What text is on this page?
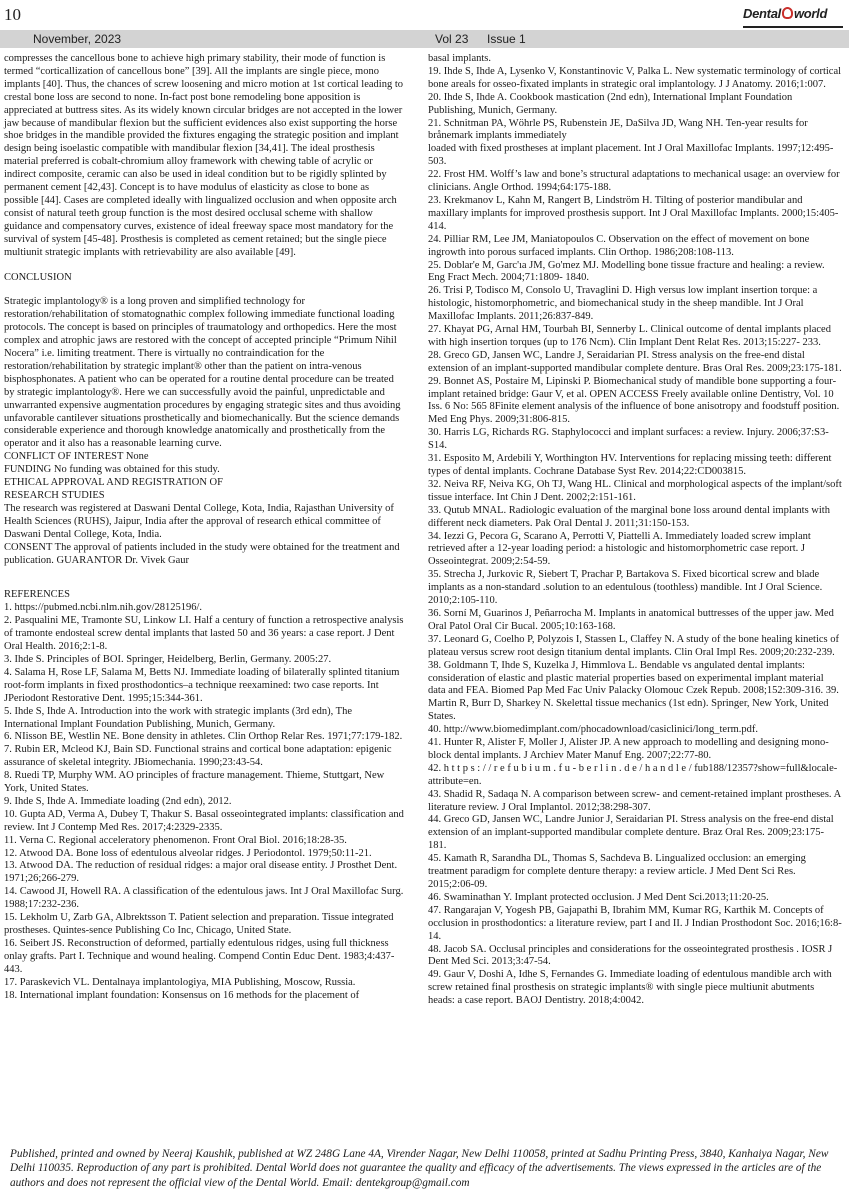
10	Dental world
November, 2023	Vol 23 Issue 1

compresses the cancellous bone to achieve high primary stability, their mode of function is termed “corticallization of cancellous bone” [39]. All the implants are single piece, mono implants [40]. Thus, the chances of screw loosening and micro motion at 1st cortical leading to crestal bone loss are second to none. In-fact post bone remodeling bone apposition is appreciated at buttress sites. As its widely known circular bridges are not accepted in the lower jaw because of mandibular flexion but the sufficient evidences also exist supporting the horse shoe bridges in the mandible provided the fixtures engaging the strategic position and implant design being isoelastic compatible with mandibular flexion [34,41]. The ideal prosthesis material preferred is cobalt-chromium alloy framework with chewing table of acrylic or indirect composite, ceramic can also be used in ideal condition but to be rigidly splinted by permanent cement [42,43]. Concept is to have modulus of elasticity as close to bone as possible [44]. Cases are completed ideally with lingualized occlusion and when opposite arch consist of natural teeth group function is the most desired occlusal scheme with shallow guidance and compensatory curves, existence of ideal freeway space most mandatory for the survival of system [45-48]. Prosthesis is completed as cement retained; but the single piece multiunit strategic implants with retrievability are also available [49].

CONCLUSION

Strategic implantology® is a long proven and simplified technology for restoration/rehabilitation of stomatognathic complex following immediate functional loading protocols. The concept is based on principles of traumatology and orthopedics. Here the most complex and atrophic jaws are restored with the concept of accepted principle “Primum Nihil Nocera” i.e. limiting treatment. There is virtually no contraindication for the restoration/rehabilitation by strategic implant® other than the patient on intra-venous bisphosphonates. A patient who can be operated for a routine dental procedure can be treated by strategic implantology®. Here we can successfully avoid the painful, unpredictable and unwarranted expensive augmentation procedures by engaging strategic sites and thus avoiding unfavorable cantilever situations prosthetically and biomechanically. But the science demands considerable experience and thorough knowledge anatomically and prosthetically from the operator and it also has a reasonable learning curve.

CONFLICT OF INTEREST None

FUNDING No funding was obtained for this study.

ETHICAL APPROVAL AND REGISTRATION OF

RESEARCH STUDIES

The research was registered at Daswani Dental College, Kota, India, Rajasthan University of Health Sciences (RUHS), Jaipur, India after the approval of research ethical committee of Daswani Dental College, Kota, India.

CONSENT The approval of patients included in the study were obtained for the treatment and publication. GUARANTOR Dr. Vivek Gaur

REFERENCES

1. https://pubmed.ncbi.nlm.nih.gov/28125196/.

2. Pasqualini ME, Tramonte SU, Linkow LI. Half a century of function a retrospective analysis of tramonte endosteal screw dental implants that lasted 50 and 36 years: a case report. J Dent Oral Health. 2016;2:1-8.

3. Ihde S. Principles of BOI. Springer, Heidelberg, Berlin, Germany. 2005:27.

4. Salama H, Rose LF, Salama M, Betts NJ. Immediate loading of bilaterally splinted titanium root-form implants in fixed prosthodontics–a technique reexamined: two case reports. Int JPeriodont Restorative Dent. 1995;15:344-361.

5. Ihde S, Ihde A. Introduction into the work with strategic implants (3rd edn), The International Implant Foundation Publishing, Munich, Germany.

6. NIisson BE, Westlin NE. Bone density in athletes. Clin Orthop Relar Res. 1971;77:179-182.

7. Rubin ER, Mcleod KJ, Bain SD. Functional strains and cortical bone adaptation: epigenic assurance of skeletal integrity. JBiomechania. 1990;23:43-54.

8. Ruedi TP, Murphy WM. AO principles of fracture management. Thieme, Stuttgart, New York, United States.

9. Ihde S, Ihde A. Immediate loading (2nd edn), 2012.

10. Gupta AD, Verma A, Dubey T, Thakur S. Basal osseointegrated implants: classification and review. Int J Contemp Med Res. 2017;4:2329-2335.

11. Verna C. Regional acceleratory phenomenon. Front Oral Biol. 2016;18:28-35.

12. Atwood DA. Bone loss of edentulous alveolar ridges. J Periodontol. 1979;50:11-21.

13. Atwood DA. The reduction of residual ridges: a major oral disease entity. J Prosthet Dent. 1971;26;266-279.

14. Cawood JI, Howell RA. A classification of the edentulous jaws. Int J Oral Maxillofac Surg. 1988;17:232-236.

15. Lekholm U, Zarb GA, Albrektsson T. Patient selection and preparation. Tissue integrated prostheses. Quintes-sence Publishing Co Inc, Chicago, United State.

16. Seibert JS. Reconstruction of deformed, partially edentulous ridges, using full thickness onlay grafts. Part I. Technique and wound healing. Compend Contin Educ Dent. 1983;4:437-443.

17. Paraskevich VL. Dentalnaya implantologiya, MIA Publishing, Moscow, Russia.

18. International implant foundation: Konsensus on 16 methods for the placement of

basal implants.

19. Ihde S, Ihde A, Lysenko V, Konstantinovic V, Palka L. New systematic terminology of cortical bone areals for osseo-fixated implants in strategic oral implantology. J J Anatomy. 2016;1:007.

20. Ihde S, Ihde A. Cookbook mastication (2nd edn), International Implant Foundation Publishing, Munich, Germany.

21. Schnitman PA, Wöhrle PS, Rubenstein JE, DaSilva JD, Wang NH. Ten-year results for brånemark implants immediately

loaded with fixed prostheses at implant placement. Int J Oral Maxillofac Implants. 1997;12:495-503.

22. Frost HM. Wolff’s law and bone’s structural adaptations to mechanical usage: an overview for clinicians. Angle Orthod. 1994;64:175-188.

23. Krekmanov L, Kahn M, Rangert B, Lindström H. Tilting of posterior mandibular and maxillary implants for improved prosthesis support. Int J Oral Maxillofac Implants. 2000;15:405-414.

24. Pilliar RM, Lee JM, Maniatopoulos C. Observation on the effect of movement on bone ingrowth into porous surfaced implants. Clin Orthop. 1986;208:108-113.

25. Doblar'e M, Garc'ıa JM, Go'mez MJ. Modelling bone tissue fracture and healing: a review. Eng Fract Mech. 2004;71:1809- 1840.

26. Trisi P, Todisco M, Consolo U, Travaglini D. High versus low implant insertion torque: a histologic, histomorphometric, and biomechanical study in the sheep mandible. Int J Oral Maxillofac Implants. 2011;26:837-849.

27. Khayat PG, Arnal HM, Tourbah BI, Sennerby L. Clinical outcome of dental implants placed with high insertion torques (up to 176 Ncm). Clin Implant Dent Relat Res. 2013;15:227- 233.

28. Greco GD, Jansen WC, Landre J, Seraidarian PI. Stress analysis on the free-end distal extension of an implant-supported mandibular complete denture. Bras Oral Res. 2009;23:175-181.

29. Bonnet AS, Postaire M, Lipinski P. Biomechanical study of mandible bone supporting a four-implant retained bridge: Gaur V, et al. OPEN ACCESS Freely available online Dentistry, Vol. 10 Iss. 6 No: 565 8Finite element analysis of the influence of bone anisotropy and foodstuff position. Med Eng Phys. 2009;31:806-815.

30. Harris LG, Richards RG. Staphylococci and implant surfaces: a review. Injury. 2006;37:S3-S14.

31. Esposito M, Ardebili Y, Worthington HV. Interventions for replacing missing teeth: different types of dental implants. Cochrane Database Syst Rev. 2014;22:CD003815.

32. Neiva RF, Neiva KG, Oh TJ, Wang HL. Clinical and morphological aspects of the implant/soft tissue interface. Int Chin J Dent. 2002;2:151-161.

33. Qutub MNAL. Radiologic evaluation of the marginal bone loss around dental implants with different neck diameters. Pak Oral Dental J. 2011;31:150-153.

34. Iezzi G, Pecora G, Scarano A, Perrotti V, Piattelli A. Immediately loaded screw implant retrieved after a 12-year loading period: a histologic and histomorphometric case report. J Osseointegrat. 2009;2:54-59.

35. Strecha J, Jurkovic R, Siebert T, Prachar P, Bartakova S. Fixed bicortical screw and blade implants as a non-standard .solution to an edentulous (toothless) mandible. Int J Oral Science. 2010;2:105-110.

36. Sorní M, Guarinos J, Peñarrocha M. Implants in anatomical buttresses of the upper jaw. Med Oral Patol Oral Cir Bucal. 2005;10:163-168.

37. Leonard G, Coelho P, Polyzois I, Stassen L, Claffey N. A study of the bone healing kinetics of plateau versus screw root design titanium dental implants. Clin Oral Impl Res. 2009;20:232-239.

38. Goldmann T, Ihde S, Kuzelka J, Himmlova L. Bendable vs angulated dental implants: consideration of elastic and plastic material properties based on experimental implant material data and FEA. Biomed Pap Med Fac Univ Palacky Olomouc Czek Repub. 2008;152:309-316. 39. Martin R, Burr D, Sharkey N. Skelettal tissue mechanics (1st edn). Springer, New York, United States.

40. http://www.biomedimplant.com/phocadownload/casiclinici/long_term.pdf.

41. Hunter R, Alister F, Moller J, Alister JP. A new approach to modelling and designing mono-block dental implants. J Archiev Mater Manuf Eng. 2007;22:77-80.

42. h t t p s : / / r e f u b i u m . f u - b e r l i n . d e / h a n d l e / fub188/12357?show=full&locale-attribute=en.

43. Shadid R, Sadaqa N. A comparison between screw- and cement-retained implant prostheses. A literature review. J Oral Implantol. 2012;38:298-307.

44. Greco GD, Jansen WC, Landre Junior J, Seraidarian PI. Stress analysis on the free-end distal extension of an implant-supported mandibular complete denture. Braz Oral Res. 2009;23:175-181.

45. Kamath R, Sarandha DL, Thomas S, Sachdeva B. Lingualized occlusion: an emerging treatment paradigm for complete denture therapy: a review article. J Med Dent Sci Res. 2015;2:06-09.

46. Swaminathan Y. Implant protected occlusion. J Med Dent Sci.2013;11:20-25.

47. Rangarajan V, Yogesh PB, Gajapathi B, Ibrahim MM, Kumar RG, Karthik M. Concepts of occlusion in prosthodontics: a literature review, part I and II. J Indian Prosthodont Soc. 2016;16:8-14.

48. Jacob SA. Occlusal principles and considerations for the osseointegrated prosthesis . IOSR J Dent Med Sci. 2013;3:47-54.

49. Gaur V, Doshi A, Idhe S, Fernandes G. Immediate loading of edentulous mandible arch with screw retained final prosthesis on strategic implants® with single piece multiunit abutments heads: a case report. BAOJ Dentistry. 2018;4:0042.

Published, printed and owned by Neeraj Kaushik, published at WZ 248G Lane 4A, Virender Nagar, New Delhi 110058, printed at Sadhu Printing Press, 3840, Kanhaiya Nagar, New Delhi 110035. Reproduction of any part is prohibited. Dental World does not guarantee the quality and efficacy of the advertisements. The views expressed in the articles are of the authors and does not represent the official view of the Dental World. Email: dentekgroup@gmail.com
